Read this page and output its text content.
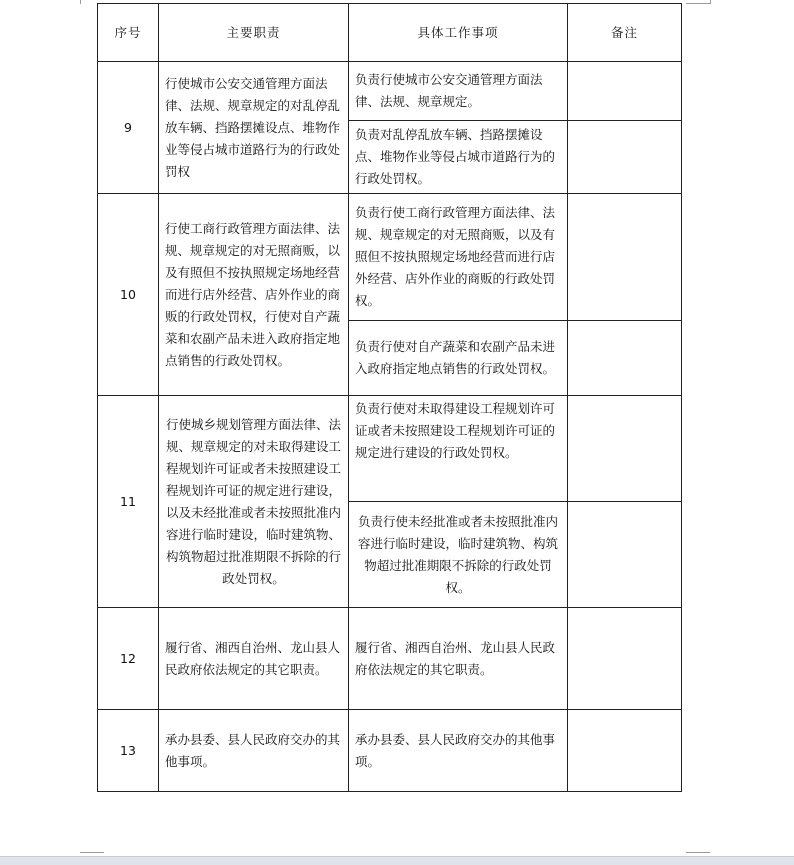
序号	主要职责	具体工作事项	备注
9	行使城市公安交通管理方面法律、法规、规章规定的对乱停乱放车辆、挡路摆摊设点、堆物作业等侵占城市道路行为的行政处罚权	负责行使城市公安交通管理方面法律、法规、规章规定。	
		负责对乱停乱放车辆、挡路摆摊设点、堆物作业等侵占城市道路行为的行政处罚权。	
10	行使工商行政管理方面法律、法规、规章规定的对无照商贩，以及有照但不按执照规定场地经营而进行店外经营、店外作业的商贩的行政处罚权，行使对自产蔬菜和农副产品未进入政府指定地点销售的行政处罚权。	负责行使工商行政管理方面法律、法规、规章规定的对无照商贩，以及有照但不按执照规定场地经营而进行店外经营、店外作业的商贩的行政处罚权。	
		负责行使对自产蔬菜和农副产品未进入政府指定地点销售的行政处罚权。	
11	行使城乡规划管理方面法律、法规、规章规定的对未取得建设工程规划许可证或者未按照建设工程规划许可证的规定进行建设，以及未经批准或者未按照批准内容进行临时建设，临时建筑物、构筑物超过批准期限不拆除的行政处罚权。	负责行使对未取得建设工程规划许可证或者未按照建设工程规划许可证的规定进行建设的行政处罚权。	
		负责行使未经批准或者未按照批准内容进行临时建设，临时建筑物、构筑物超过批准期限不拆除的行政处罚权。	
12	履行省、湘西自治州、龙山县人民政府依法规定的其它职责。	履行省、湘西自治州、龙山县人民政府依法规定的其它职责。	
13	承办县委、县人民政府交办的其他事项。	承办县委、县人民政府交办的其他事项。	
